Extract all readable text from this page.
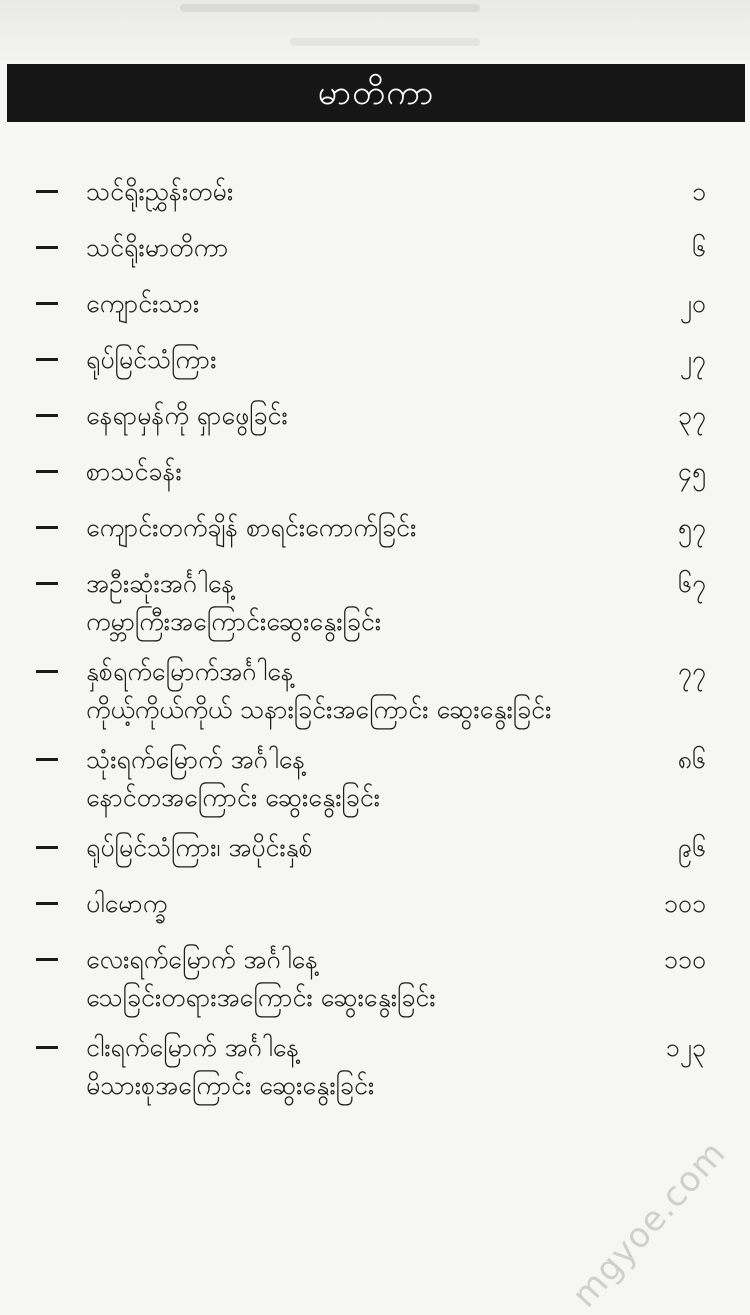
မာတိကာ
သင်ရိုးညွှန်းတမ်း	၁
သင်ရိုးမာတိကာ	၆
ကျောင်းသား	၂၀
ရုပ်မြင်သံကြား	၂၇
နေရာမှန်ကို ရှာဖွေခြင်း	၃၇
စာသင်ခန်း	၄၅
ကျောင်းတက်ချိန် စာရင်းကောက်ခြင်း	၅၇
အဦးဆုံးအင်္ဂါနေ့	၆၇
ကမ္ဘာကြီးအကြောင်းဆွေးနွေးခြင်း
နှစ်ရက်မြောက်အင်္ဂါနေ့	၇၇
ကိုယ့်ကိုယ်ကိုယ် သနားခြင်းအကြောင်း ဆွေးနွေးခြင်း
သုံးရက်မြောက် အင်္ဂါနေ့	၈၆
နောင်တအကြောင်း ဆွေးနွေးခြင်း
ရုပ်မြင်သံကြား၊ အပိုင်းနှစ်	၉၆
ပါမောက္ခ	၁၀၁
လေးရက်မြောက် အင်္ဂါနေ့	၁၁၀
သေခြင်းတရားအကြောင်း ဆွေးနွေးခြင်း
ငါးရက်မြောက် အင်္ဂါနေ့	၁၂၃
မိသားစုအကြောင်း ဆွေးနွေးခြင်း
mgyoe.com
